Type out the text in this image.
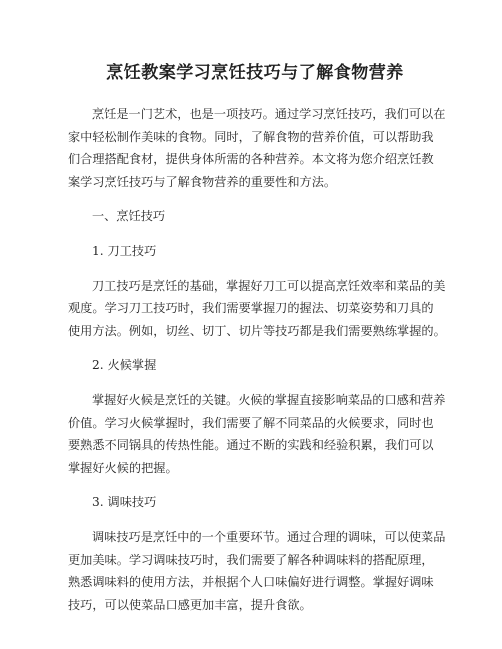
烹饪教案学习烹饪技巧与了解食物营养
烹饪是一门艺术，也是一项技巧。通过学习烹饪技巧，我们可以在
家中轻松制作美味的食物。同时，了解食物的营养价值，可以帮助我
们合理搭配食材，提供身体所需的各种营养。本文将为您介绍烹饪教
案学习烹饪技巧与了解食物营养的重要性和方法。
一、烹饪技巧
1. 刀工技巧
刀工技巧是烹饪的基础，掌握好刀工可以提高烹饪效率和菜品的美
观度。学习刀工技巧时，我们需要掌握刀的握法、切菜姿势和刀具的
使用方法。例如，切丝、切丁、切片等技巧都是我们需要熟练掌握的。
2. 火候掌握
掌握好火候是烹饪的关键。火候的掌握直接影响菜品的口感和营养
价值。学习火候掌握时，我们需要了解不同菜品的火候要求，同时也
要熟悉不同锅具的传热性能。通过不断的实践和经验积累，我们可以
掌握好火候的把握。
3. 调味技巧
调味技巧是烹饪中的一个重要环节。通过合理的调味，可以使菜品
更加美味。学习调味技巧时，我们需要了解各种调味料的搭配原理，
熟悉调味料的使用方法，并根据个人口味偏好进行调整。掌握好调味
技巧，可以使菜品口感更加丰富，提升食欲。
